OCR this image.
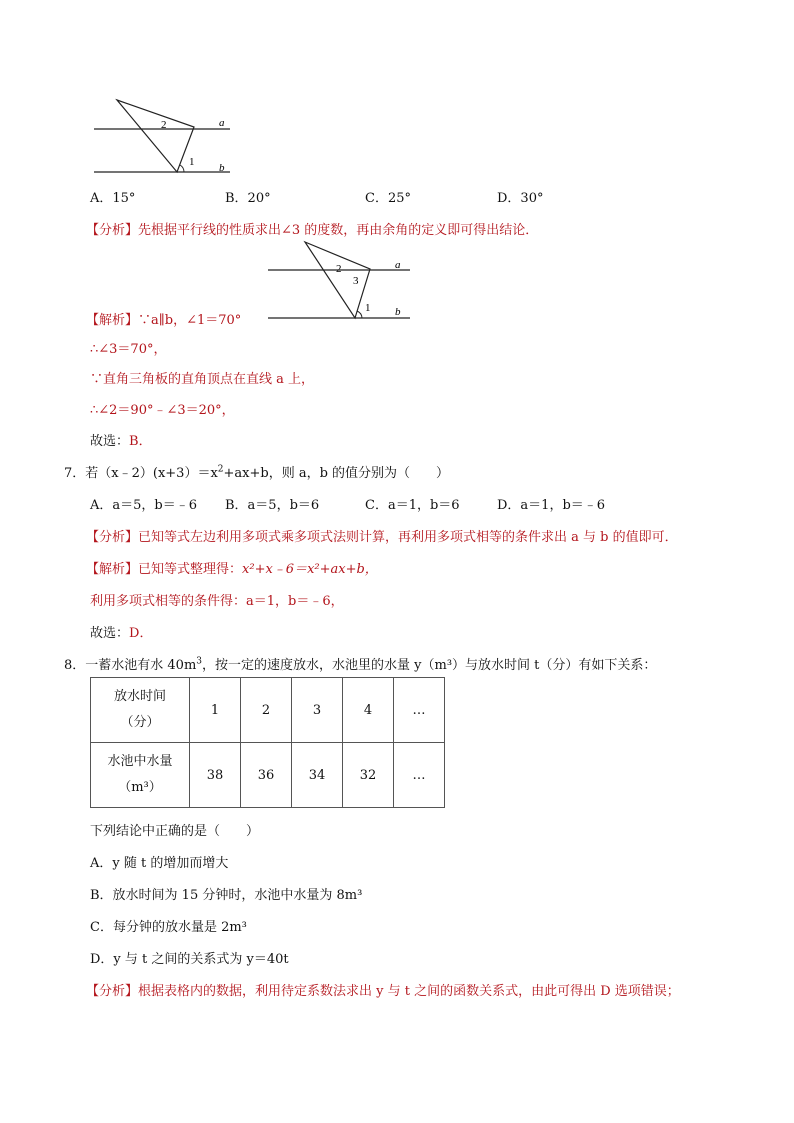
a
b
1
2
A．15°	B．20°	C．25°	D．30°
【分析】先根据平行线的性质求出∠3 的度数，再由余角的定义即可得出结论．
a
b
1
2
3
【解析】∵a∥b，∠1＝70°
∴∠3＝70°，
∵直角三角板的直角顶点在直线 a 上，
∴∠2＝90°﹣∠3＝20°，
故选：B．
7．若$(x﹣2)(x+3)=x^2+ax+b$，则 a，b 的值分别为（　　）
A．a＝5，b＝﹣6 B．a＝5，b＝6	C．a＝1，b＝6	D．a＝1，b＝﹣6
【分析】已知等式左边利用多项式乘多项式法则计算，再利用多项式相等的条件求出 a 与 b 的值即可．
【解析】已知等式整理得：x²+x﹣6＝x²+ax+b，
利用多项式相等的条件得：a＝1，b＝﹣6，
故选：D．
8．一蓄水池有水 $40m^3$，按一定的速度放水，水池里的水量 y（m³）与放水时间 t（分）有如下关系：
放水时间
（分）	1	2	3	4	…

水池中水量
（m³）	38	36	34	32	…
下列结论中正确的是（　　）
A．y 随 t 的增加而增大
B．放水时间为 15 分钟时，水池中水量为 8m³
C．每分钟的放水量是 2m³
D．y 与 t 之间的关系式为 y＝40t
【分析】根据表格内的数据，利用待定系数法求出 y 与 t 之间的函数关系式，由此可得出 D 选项错误；
